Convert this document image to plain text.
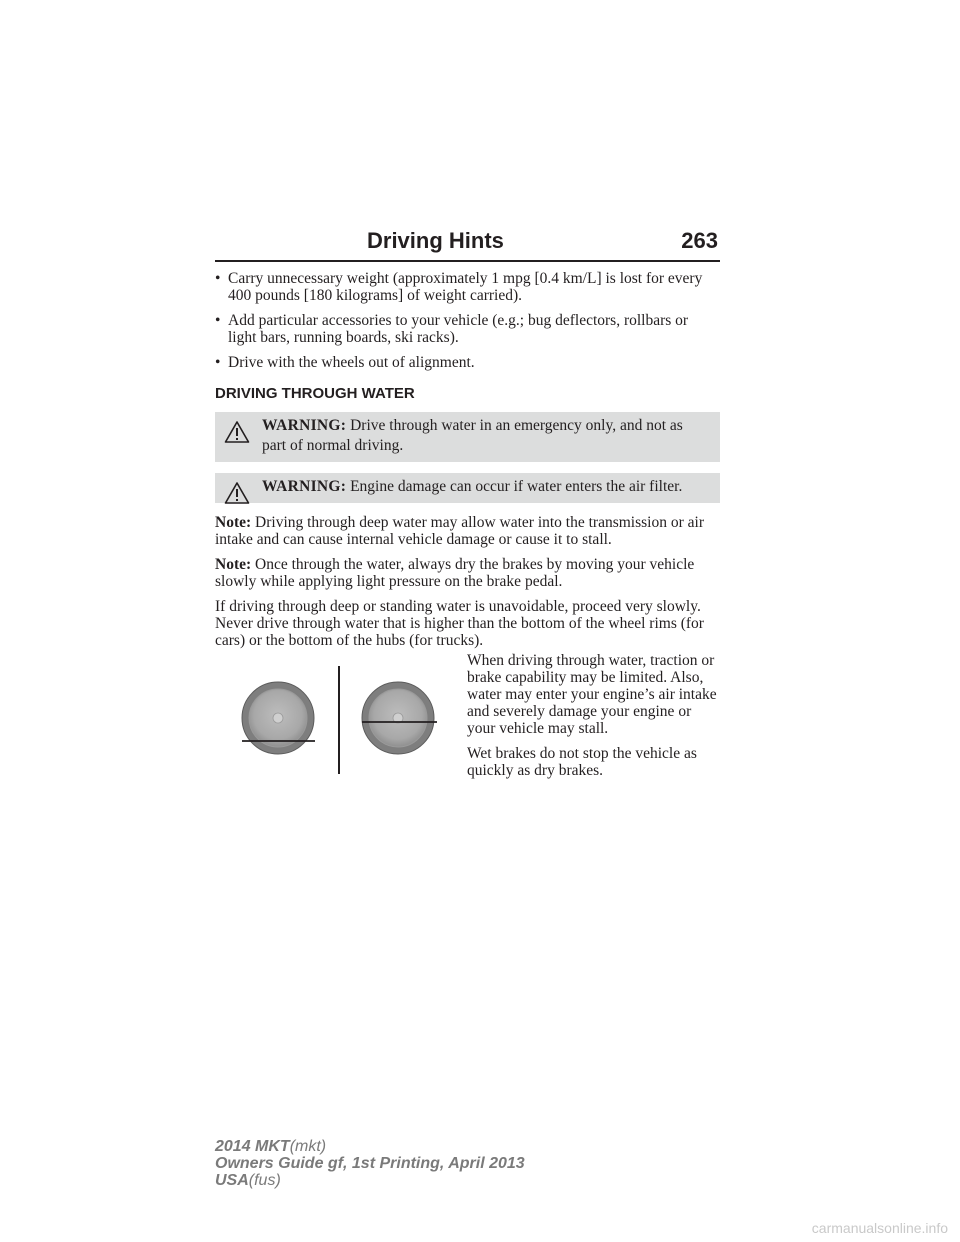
Driving Hints	263
• Carry unnecessary weight (approximately 1 mpg [0.4 km/L] is lost for every 400 pounds [180 kilograms] of weight carried).
• Add particular accessories to your vehicle (e.g.; bug deflectors, rollbars or light bars, running boards, ski racks).
• Drive with the wheels out of alignment.
DRIVING THROUGH WATER
WARNING: Drive through water in an emergency only, and not as part of normal driving.
WARNING: Engine damage can occur if water enters the air filter.
Note: Driving through deep water may allow water into the transmission or air intake and can cause internal vehicle damage or cause it to stall.
Note: Once through the water, always dry the brakes by moving your vehicle slowly while applying light pressure on the brake pedal.
If driving through deep or standing water is unavoidable, proceed very slowly. Never drive through water that is higher than the bottom of the wheel rims (for cars) or the bottom of the hubs (for trucks).

When driving through water, traction or brake capability may be limited. Also, water may enter your engine’s air intake and severely damage your engine or your vehicle may stall.

Wet brakes do not stop the vehicle as quickly as dry brakes.

2014 MKT(mkt)
Owners Guide gf, 1st Printing, April 2013
USA(fus)
carmanualsonline.info
